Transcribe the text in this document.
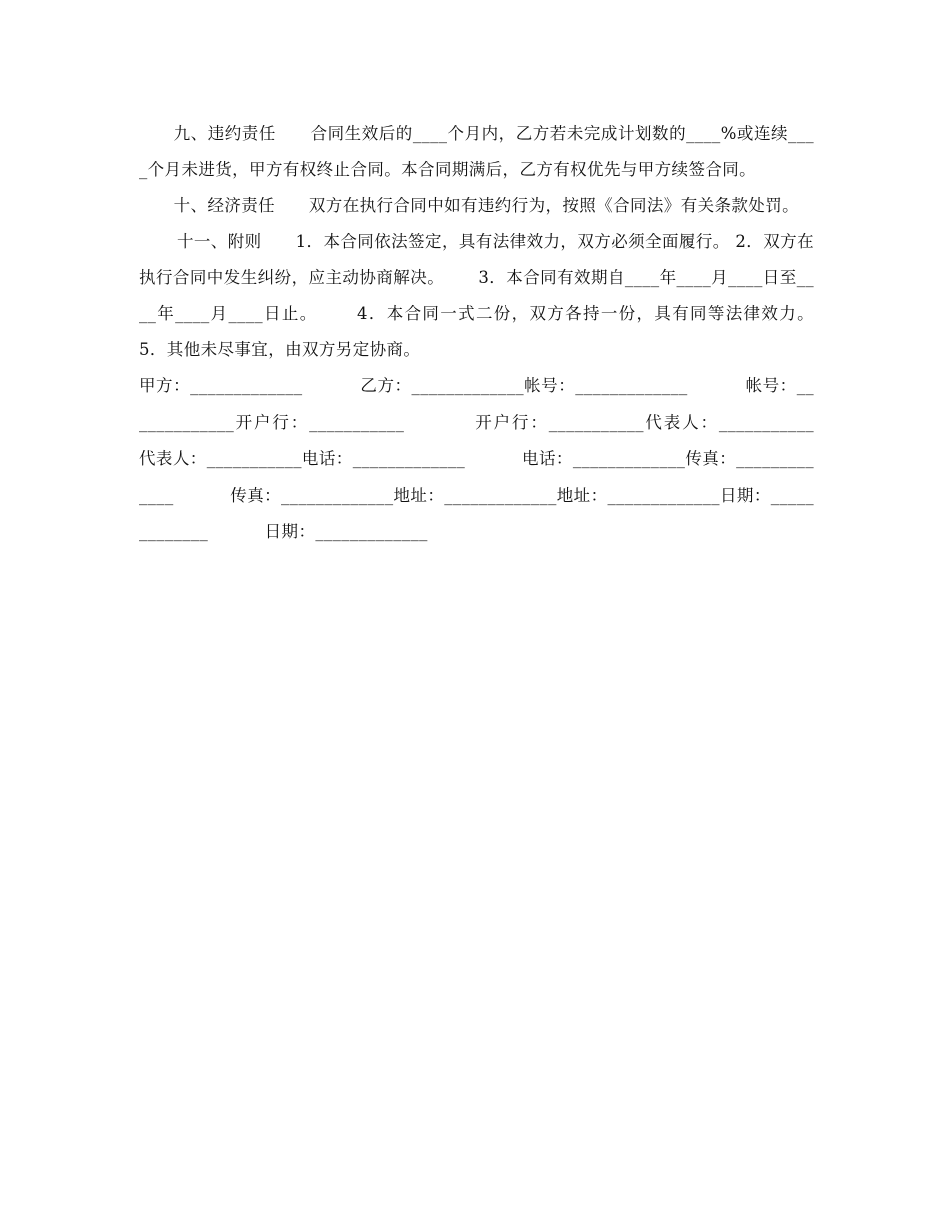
九、违约责任      合同生效后的____个月内，乙方若未完成计划数的____%或连续____个月未进货，甲方有权终止合同。本合同期满后，乙方有权优先与甲方续签合同。

十、经济责任      双方在执行合同中如有违约行为，按照《合同法》有关条款处罚。

十一、附则      1．本合同依法签定，具有法律效力，双方必须全面履行。 2．双方在执行合同中发生纠纷，应主动协商解决。      3．本合同有效期自____年____月____日至____年____月____日止。      4．本合同一式二份，双方各持一份，具有同等法律效力。      5．其他未尽事宜，由双方另定协商。

甲方：_____________          乙方：_____________帐号：_____________          帐号：_____________开户行：___________          开户行：___________代表人：___________          代表人：___________电话：_____________          电话：_____________传真：_____________          传真：_____________地址：_____________地址：_____________日期：_____________          日期：_____________
